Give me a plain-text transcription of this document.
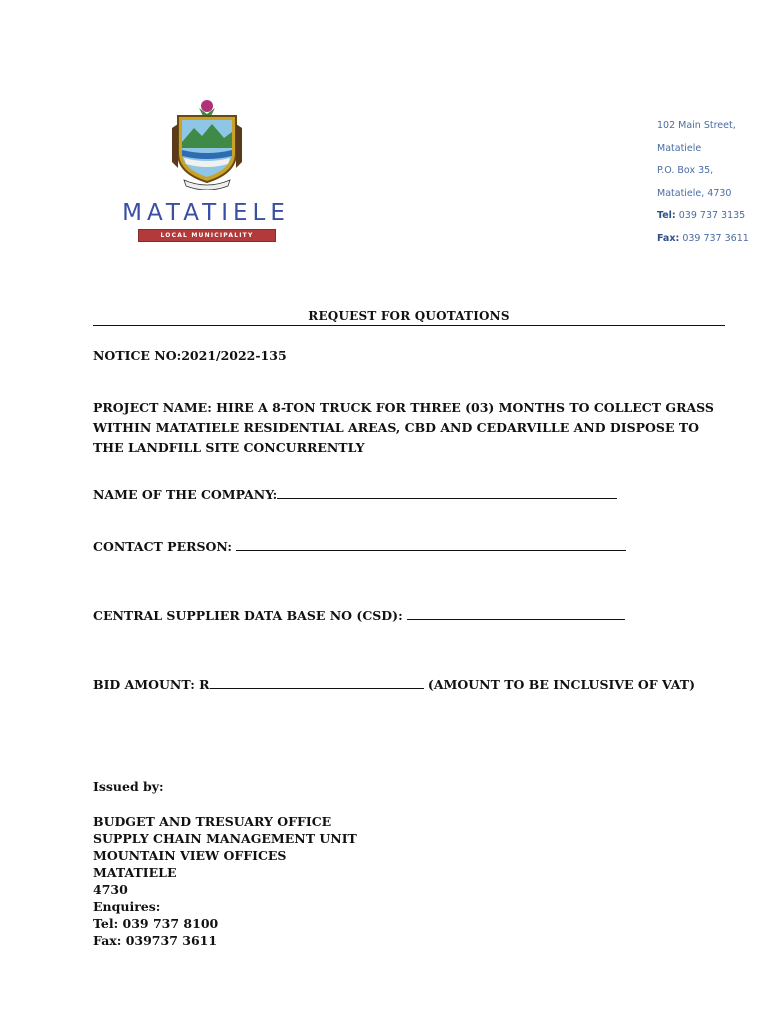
MATATIELE
LOCAL MUNICIPALITY
102 Main Street,
Matatiele
P.O. Box 35,
Matatiele, 4730
Tel: 039 737 3135
Fax: 039 737 3611
REQUEST FOR QUOTATIONS
NOTICE NO:2021/2022-135
PROJECT NAME: HIRE A 8-TON TRUCK FOR THREE (03) MONTHS TO COLLECT GRASS WITHIN MATATIELE RESIDENTIAL AREAS, CBD AND CEDARVILLE AND DISPOSE TO THE LANDFILL SITE CONCURRENTLY
NAME OF THE COMPANY:
CONTACT PERSON:
CENTRAL SUPPLIER DATA BASE NO (CSD):
BID AMOUNT: R	(AMOUNT TO BE INCLUSIVE OF VAT)
Issued by:
BUDGET AND TRESUARY OFFICE
SUPPLY CHAIN MANAGEMENT UNIT
MOUNTAIN VIEW OFFICES
MATATIELE
4730
Enquires:
Tel: 039 737 8100
Fax: 039737 3611
